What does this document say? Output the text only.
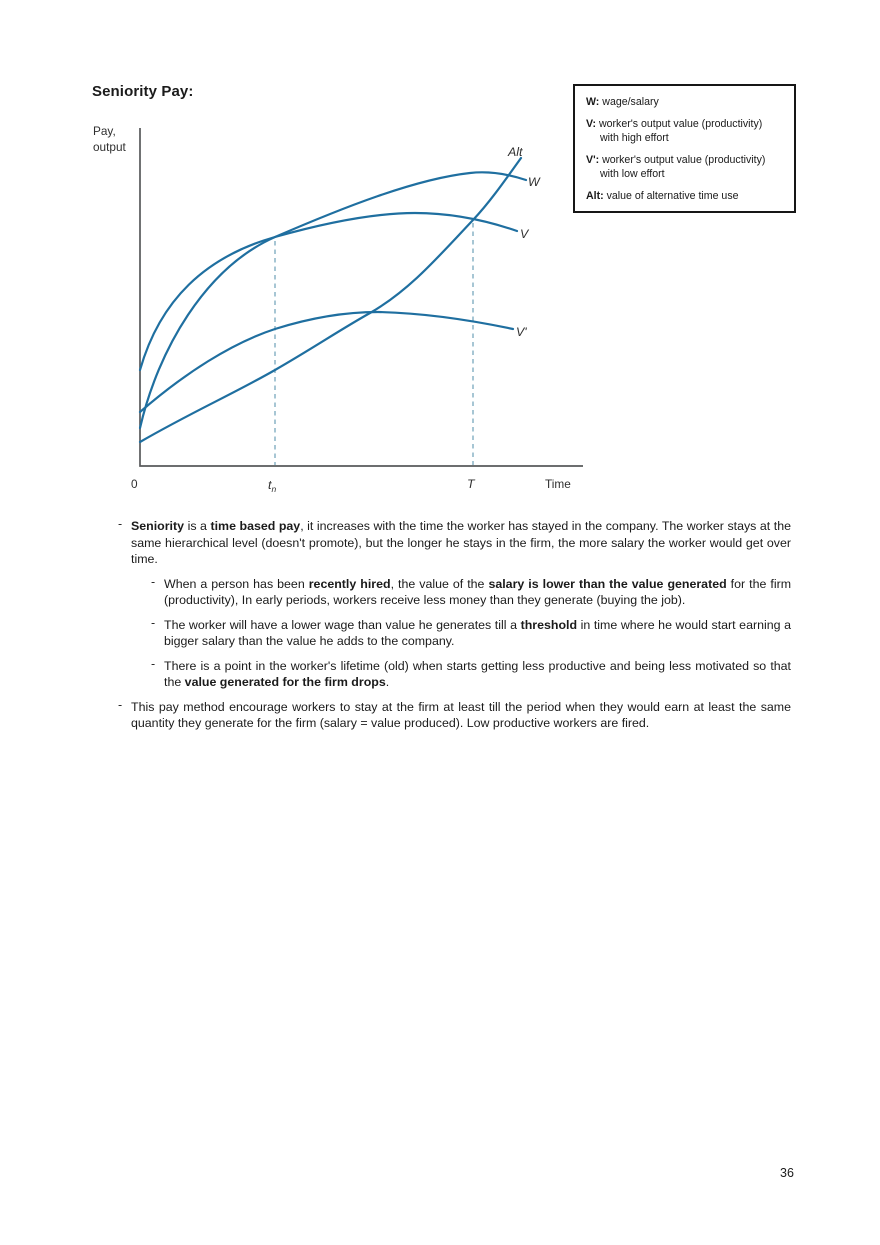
Seniority Pay:
W: wage/salary
V: worker's output value (productivity)
with high effort
V': worker's output value (productivity)
with low effort
Alt: value of alternative time use
Pay,
output
0	$t_n$	T	Time
Alt
W
V
V'
- Seniority is a time based pay, it increases with the time the worker has stayed in the company. The worker stays at the same hierarchical level (doesn't promote), but the longer he stays in the firm, the more salary the worker would get over time.
- When a person has been recently hired, the value of the salary is lower than the value generated for the firm (productivity), In early periods, workers receive less money than they generate (buying the job).
- The worker will have a lower wage than value he generates till a threshold in time where he would start earning a bigger salary than the value he adds to the company.
- There is a point in the worker's lifetime (old) when starts getting less productive and being less motivated so that the value generated for the firm drops.
- This pay method encourage workers to stay at the firm at least till the period when they would earn at least the same quantity they generate for the firm (salary = value produced). Low productive workers are fired.
36
